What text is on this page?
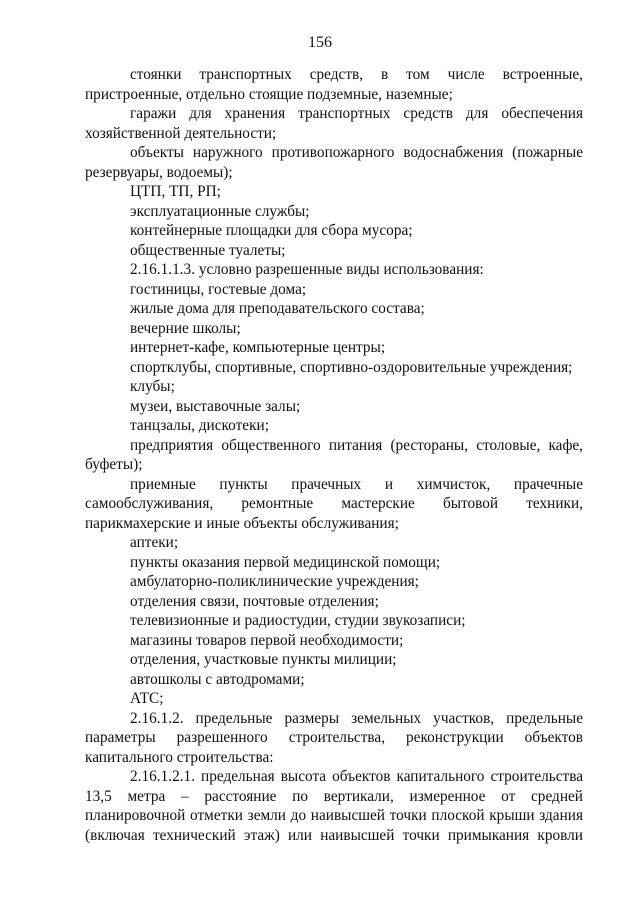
156

стоянки транспортных средств, в том числе встроенные, пристроенные, отдельно стоящие подземные, наземные;

гаражи для хранения транспортных средств для обеспечения хозяйственной деятельности;

объекты наружного противопожарного водоснабжения (пожарные резервуары, водоемы);

ЦТП, ТП, РП;

эксплуатационные службы;

контейнерные площадки для сбора мусора;

общественные туалеты;

2.16.1.1.3. условно разрешенные виды использования:

гостиницы, гостевые дома;

жилые дома для преподавательского состава;

вечерние школы;

интернет-кафе, компьютерные центры;

спортклубы, спортивные, спортивно-оздоровительные учреждения;

клубы;

музеи, выставочные залы;

танцзалы, дискотеки;

предприятия общественного питания (рестораны, столовые, кафе, буфеты);

приемные пункты прачечных и химчисток, прачечные самообслуживания, ремонтные мастерские бытовой техники, парикмахерские и иные объекты обслуживания;

аптеки;

пункты оказания первой медицинской помощи;

амбулаторно-поликлинические учреждения;

отделения связи, почтовые отделения;

телевизионные и радиостудии, студии звукозаписи;

магазины товаров первой необходимости;

отделения, участковые пункты милиции;

автошколы с автодромами;

АТС;

2.16.1.2. предельные размеры земельных участков, предельные параметры разрешенного строительства, реконструкции объектов капитального строительства:

2.16.1.2.1. предельная высота объектов капитального строительства 13,5 метра – расстояние по вертикали, измеренное от средней планировочной отметки земли до наивысшей точки плоской крыши здания (включая технический этаж) или наивысшей точки примыкания кровли
